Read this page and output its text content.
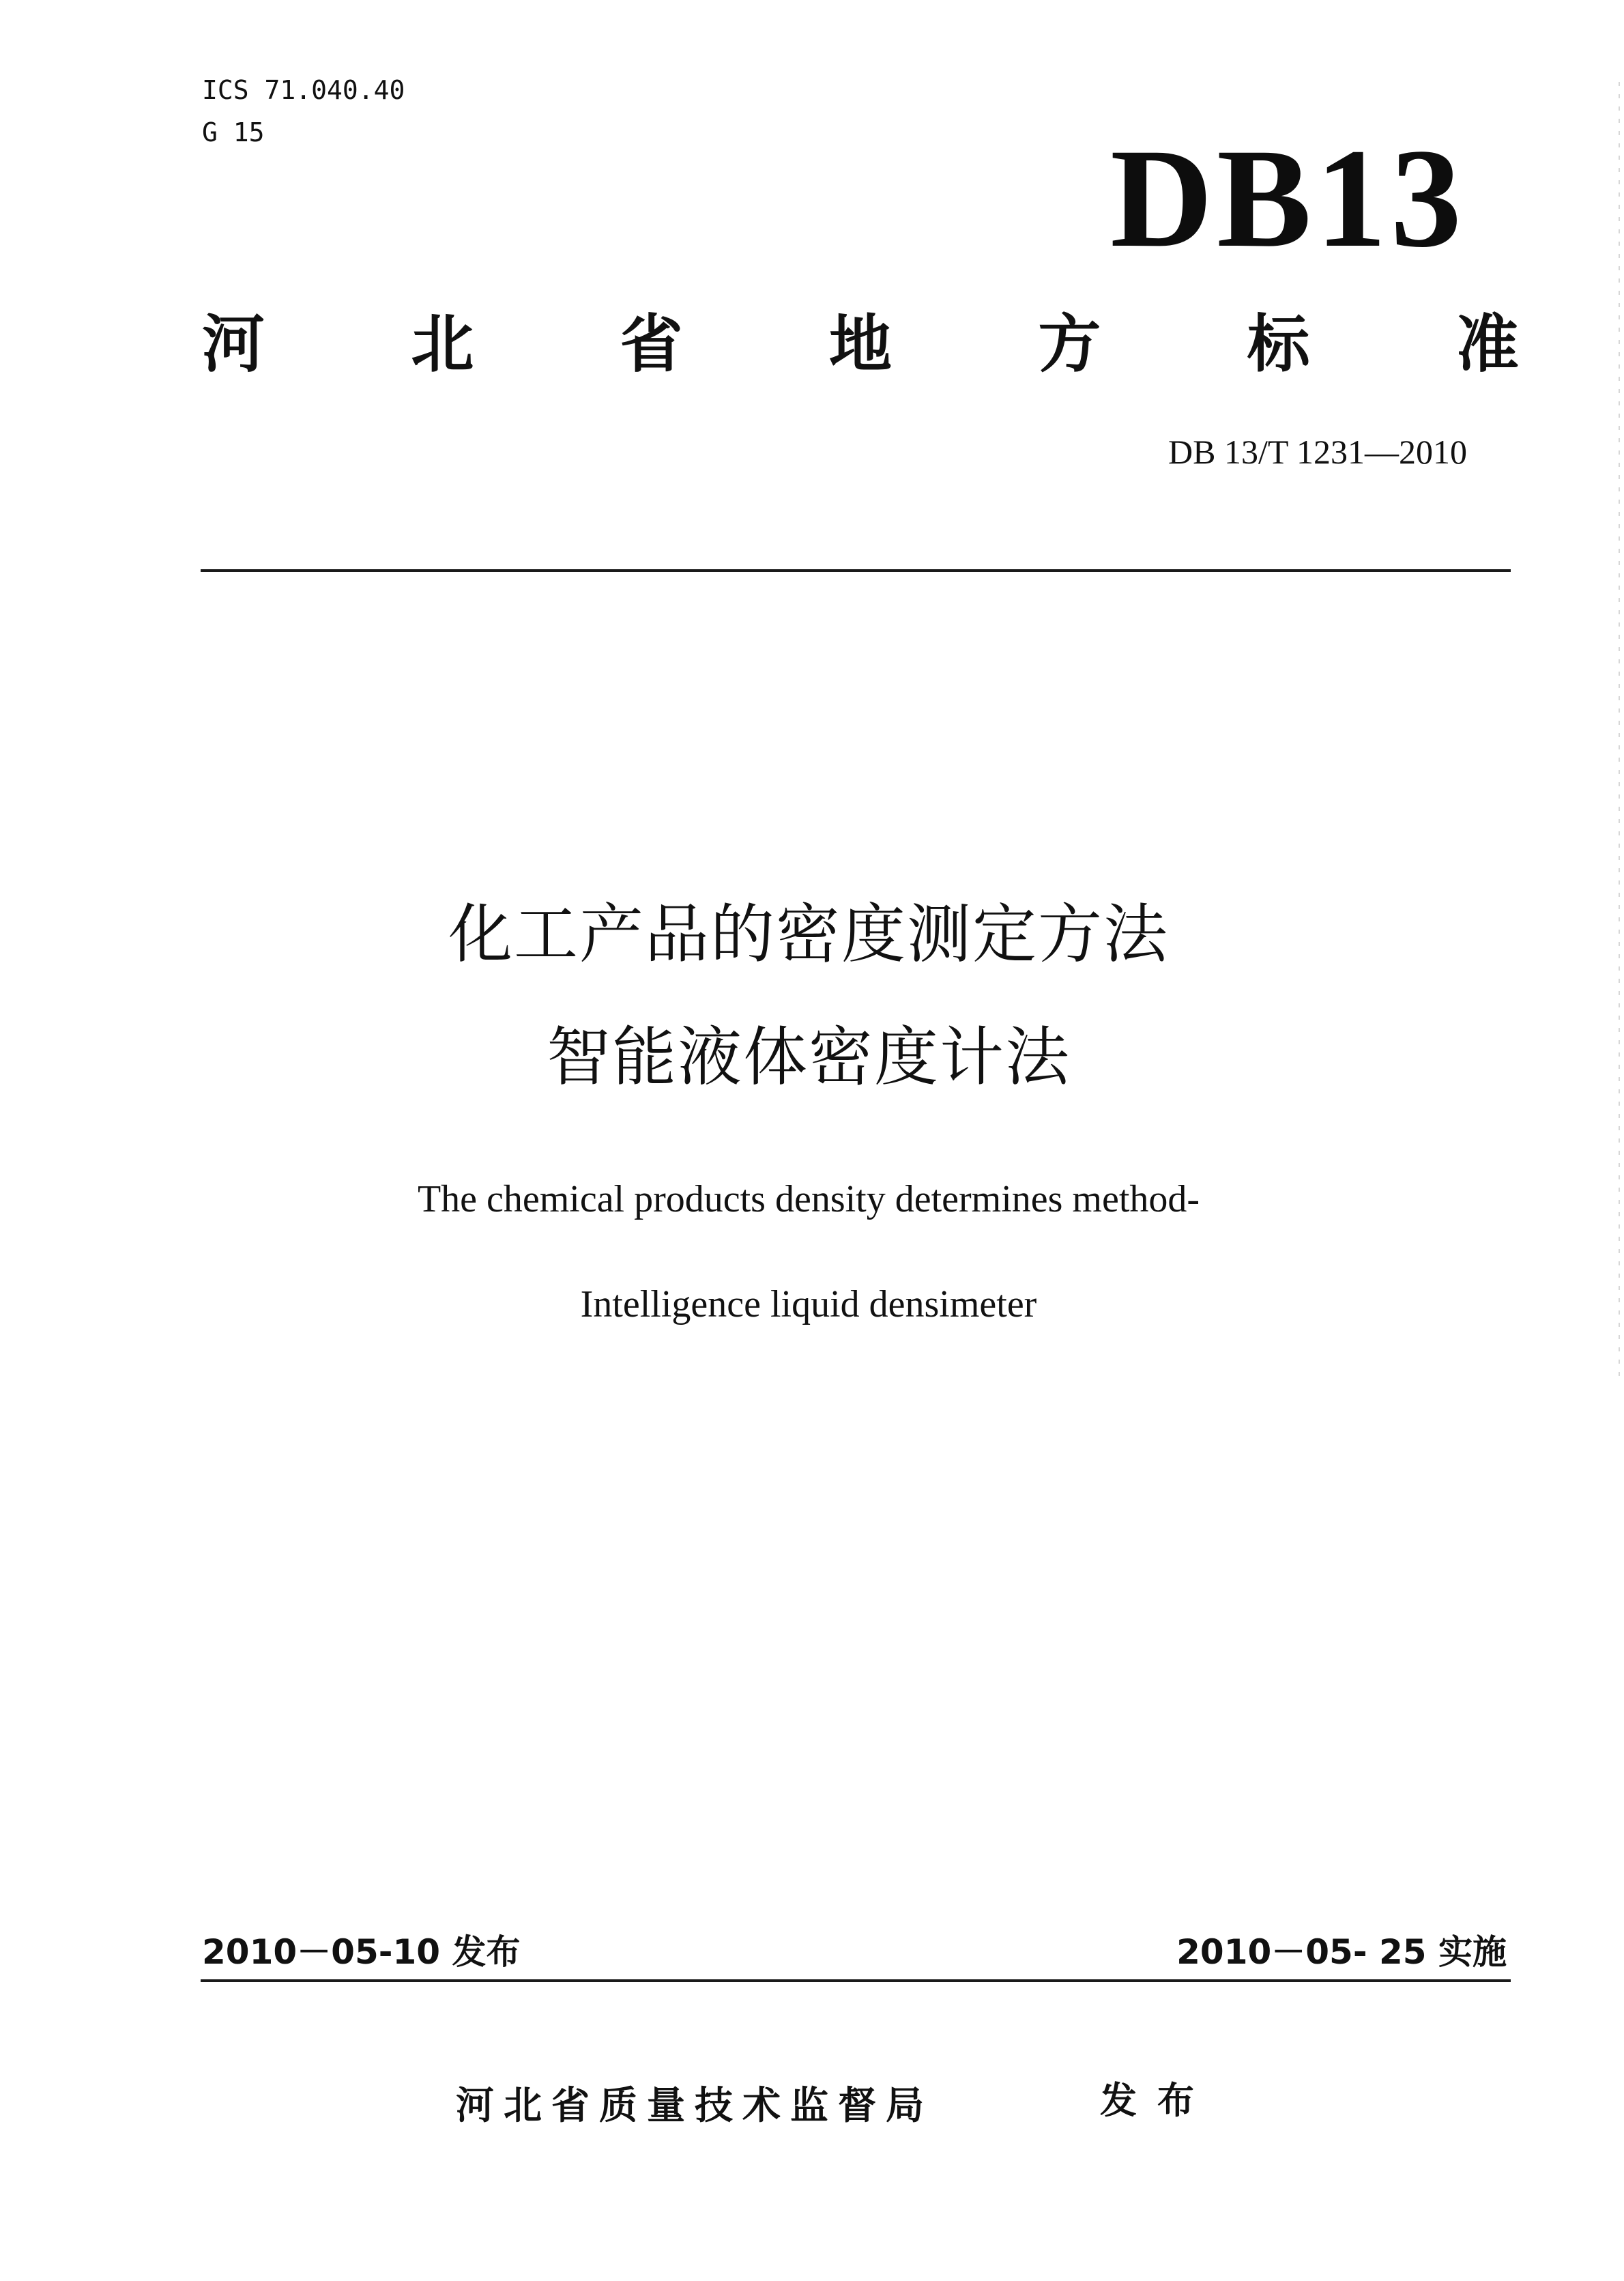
ICS 71.040.40
G 15	DB13
河 北 省 地 方 标 准
DB 13/T 1231—2010
化工产品的密度测定方法
智能液体密度计法
The chemical products density determines method-
Intelligence liquid densimeter
2010－05-10 发布	2010－05- 25 实施
河北省质量技术监督局	发布
